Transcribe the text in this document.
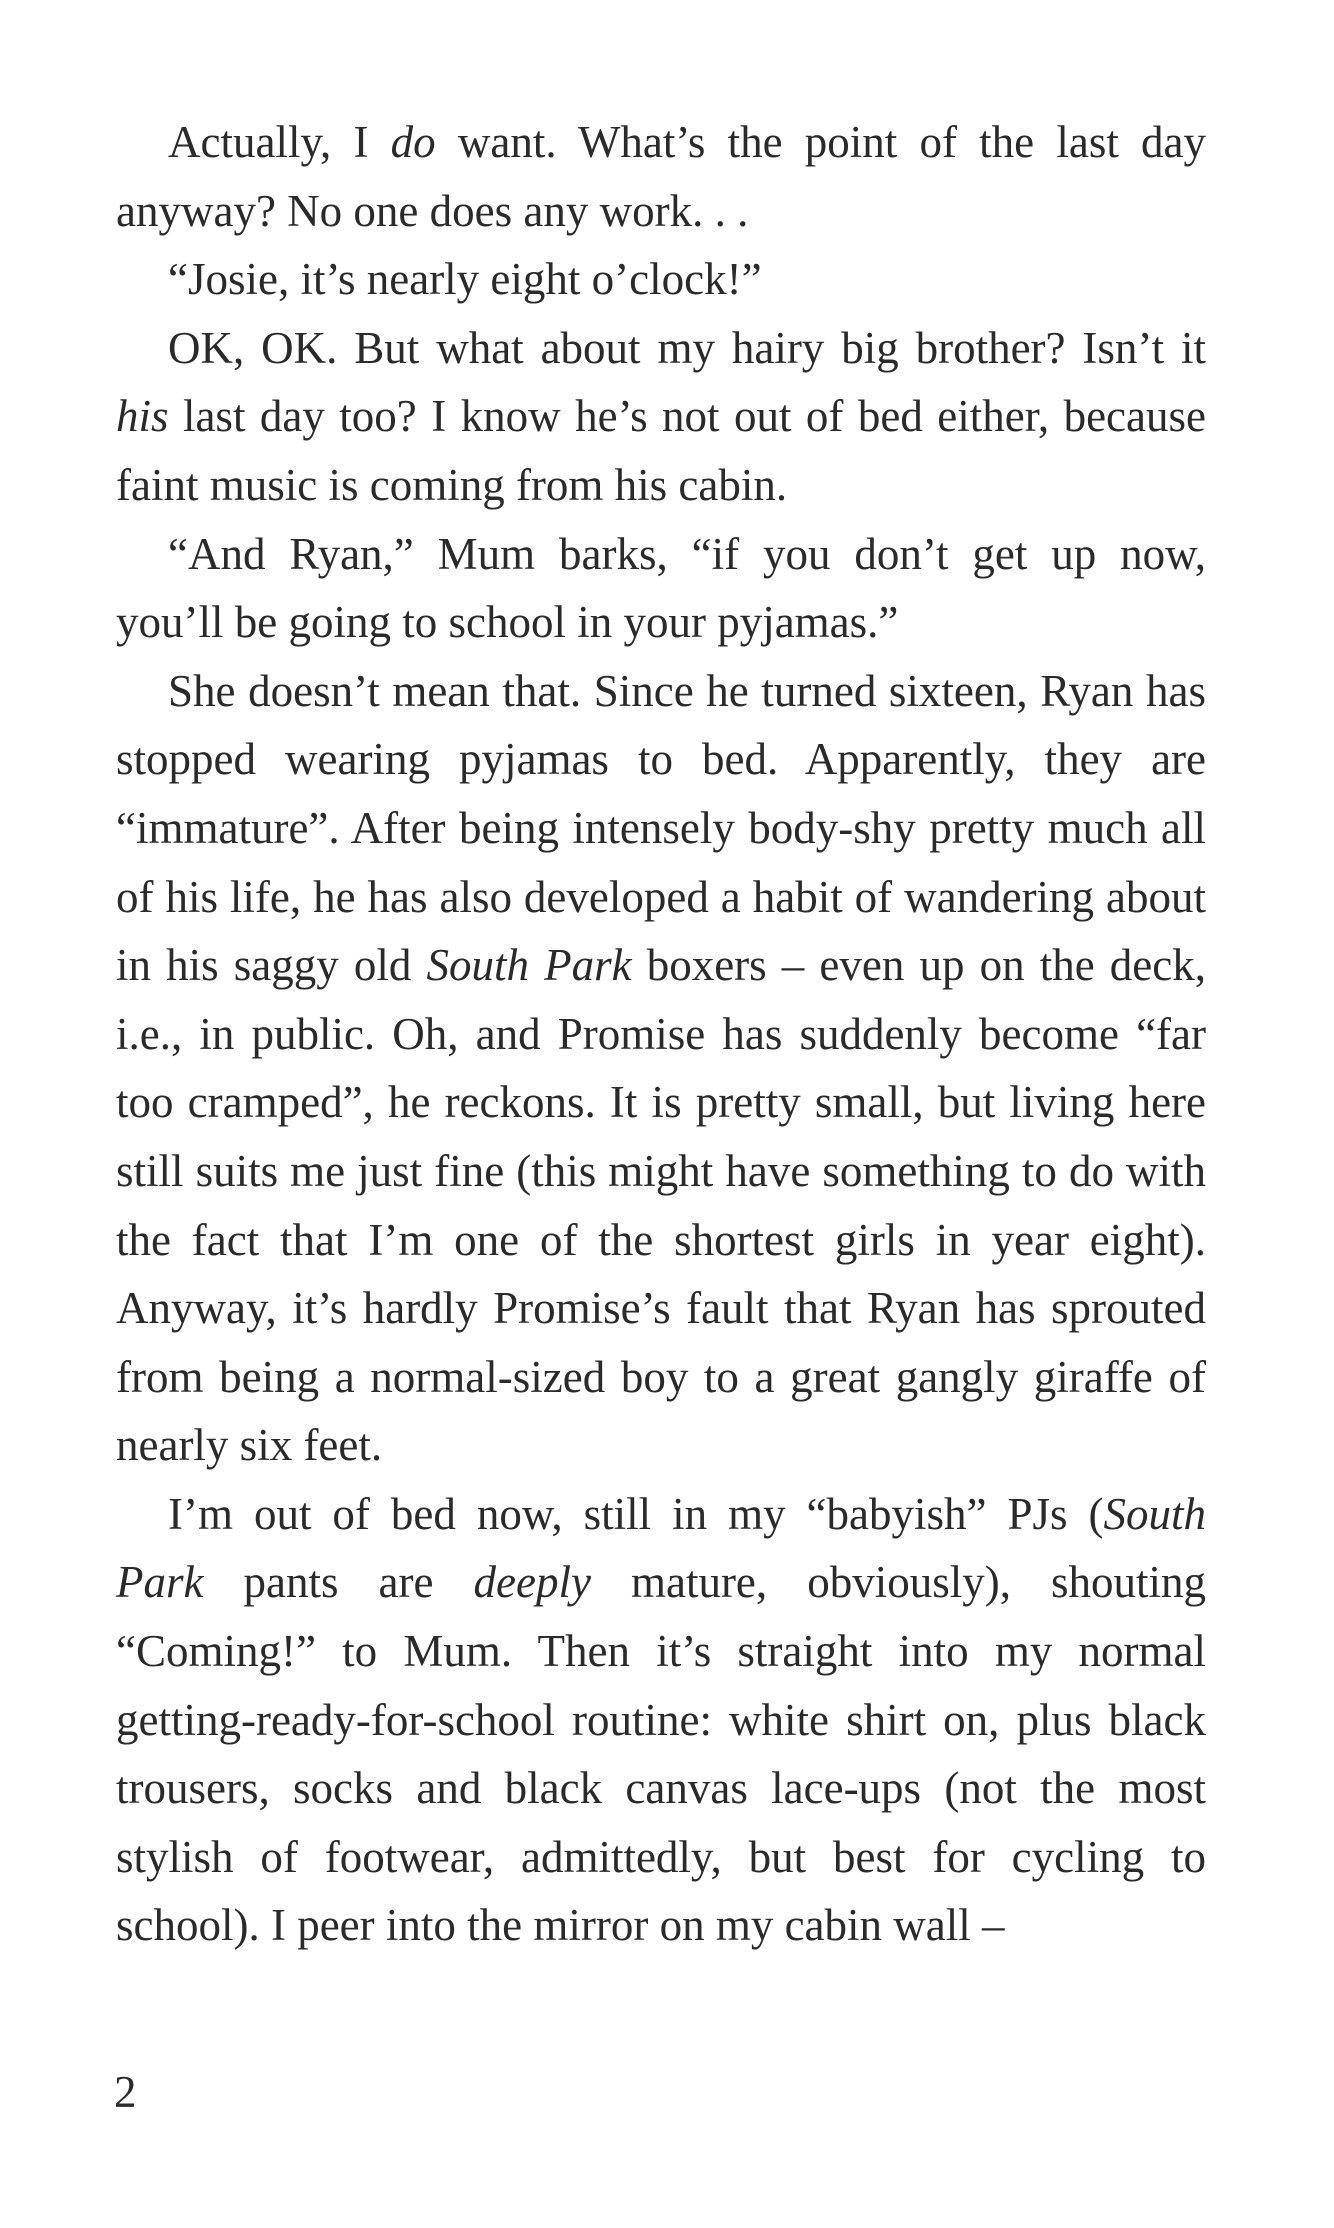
Actually, I do want. What’s the point of the last day anyway? No one does any work. . .

“Josie, it’s nearly eight o’clock!”

OK, OK. But what about my hairy big brother? Isn’t it his last day too? I know he’s not out of bed either, because faint music is coming from his cabin.

“And Ryan,” Mum barks, “if you don’t get up now, you’ll be going to school in your pyjamas.”

She doesn’t mean that. Since he turned sixteen, Ryan has stopped wearing pyjamas to bed. Apparently, they are “immature”. After being intensely body-shy pretty much all of his life, he has also developed a habit of wandering about in his saggy old South Park boxers – even up on the deck, i.e., in public. Oh, and Promise has suddenly become “far too cramped”, he reckons. It is pretty small, but living here still suits me just fine (this might have something to do with the fact that I’m one of the shortest girls in year eight). Anyway, it’s hardly Promise’s fault that Ryan has sprouted from being a normal-sized boy to a great gangly giraffe of nearly six feet.

I’m out of bed now, still in my “babyish” PJs (South Park pants are deeply mature, obviously), shouting “Coming!” to Mum. Then it’s straight into my normal getting-ready-for-school routine: white shirt on, plus black trousers, socks and black canvas lace-ups (not the most stylish of footwear, admittedly, but best for cycling to school). I peer into the mirror on my cabin wall –

2
